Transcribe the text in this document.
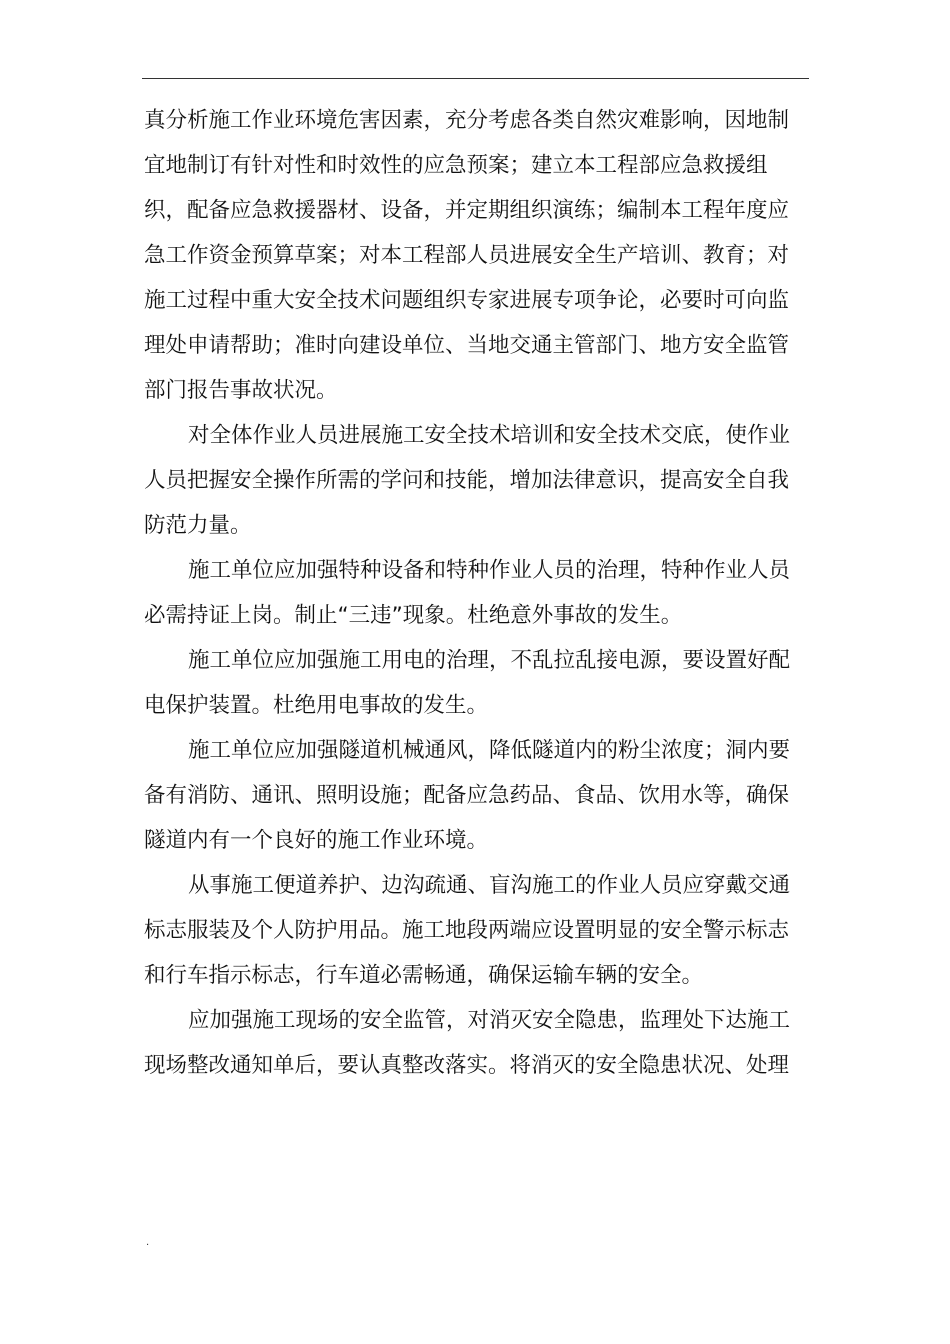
真分析施工作业环境危害因素，充分考虑各类自然灾难影响，因地制
宜地制订有针对性和时效性的应急预案；建立本工程部应急救援组
织，配备应急救援器材、设备，并定期组织演练；编制本工程年度应
急工作资金预算草案；对本工程部人员进展安全生产培训、教育；对
施工过程中重大安全技术问题组织专家进展专项争论，必要时可向监
理处申请帮助；准时向建设单位、当地交通主管部门、地方安全监管
部门报告事故状况。
对全体作业人员进展施工安全技术培训和安全技术交底，使作业
人员把握安全操作所需的学问和技能，增加法律意识，提高安全自我
防范力量。
施工单位应加强特种设备和特种作业人员的治理，特种作业人员
必需持证上岗。制止“三违”现象。杜绝意外事故的发生。
施工单位应加强施工用电的治理，不乱拉乱接电源，要设置好配
电保护装置。杜绝用电事故的发生。
施工单位应加强隧道机械通风，降低隧道内的粉尘浓度；洞内要
备有消防、通讯、照明设施；配备应急药品、食品、饮用水等，确保
隧道内有一个良好的施工作业环境。
从事施工便道养护、边沟疏通、盲沟施工的作业人员应穿戴交通
标志服装及个人防护用品。施工地段两端应设置明显的安全警示标志
和行车指示标志，行车道必需畅通，确保运输车辆的安全。
应加强施工现场的安全监管，对消灭安全隐患，监理处下达施工
现场整改通知单后，要认真整改落实。将消灭的安全隐患状况、处理
.
